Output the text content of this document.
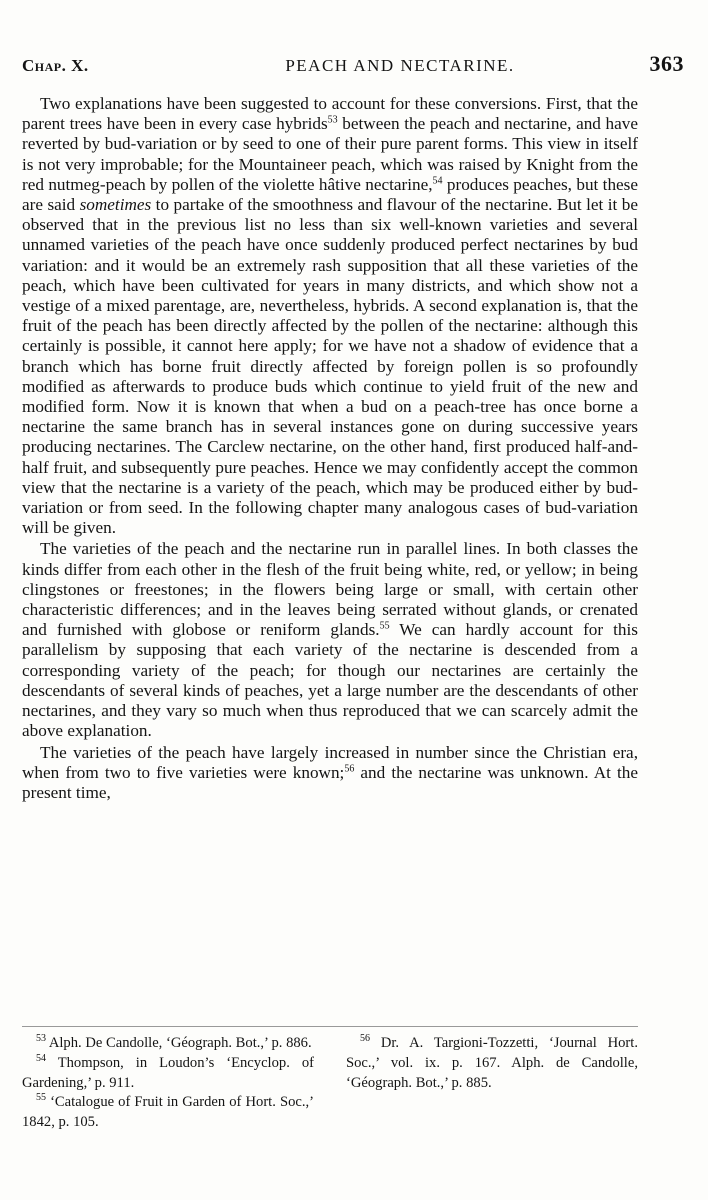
Chap. X.	PEACH AND NECTARINE.	363

Two explanations have been suggested to account for these conversions. First, that the parent trees have been in every case hybrids$^{53}$ between the peach and nectarine, and have reverted by bud-variation or by seed to one of their pure parent forms. This view in itself is not very improbable; for the Mountaineer peach, which was raised by Knight from the red nutmeg-peach by pollen of the violette hâtive nectarine,$^{54}$ produces peaches, but these are said sometimes to partake of the smoothness and flavour of the nectarine. But let it be observed that in the previous list no less than six well-known varieties and several unnamed varieties of the peach have once suddenly produced perfect nectarines by bud variation: and it would be an extremely rash supposition that all these varieties of the peach, which have been cultivated for years in many districts, and which show not a vestige of a mixed parentage, are, nevertheless, hybrids. A second explanation is, that the fruit of the peach has been directly affected by the pollen of the nectarine: although this certainly is possible, it cannot here apply; for we have not a shadow of evidence that a branch which has borne fruit directly affected by foreign pollen is so profoundly modified as afterwards to produce buds which continue to yield fruit of the new and modified form. Now it is known that when a bud on a peach-tree has once borne a nectarine the same branch has in several instances gone on during successive years producing nectarines. The Carclew nectarine, on the other hand, first produced half-and-half fruit, and subsequently pure peaches. Hence we may confidently accept the common view that the nectarine is a variety of the peach, which may be produced either by bud-variation or from seed. In the following chapter many analogous cases of bud-variation will be given.

The varieties of the peach and the nectarine run in parallel lines. In both classes the kinds differ from each other in the flesh of the fruit being white, red, or yellow; in being clingstones or freestones; in the flowers being large or small, with certain other characteristic differences; and in the leaves being serrated without glands, or crenated and furnished with globose or reniform glands.$^{55}$ We can hardly account for this parallelism by supposing that each variety of the nectarine is descended from a corresponding variety of the peach; for though our nectarines are certainly the descendants of several kinds of peaches, yet a large number are the descendants of other nectarines, and they vary so much when thus reproduced that we can scarcely admit the above explanation.

The varieties of the peach have largely increased in number since the Christian era, when from two to five varieties were known;$^{56}$ and the nectarine was unknown. At the present time,

$^{53}$ Alph. De Candolle, ‘Géograph. Bot.,’ p. 886.
$^{54}$ Thompson, in Loudon’s ‘Encyclop. of Gardening,’ p. 911.
$^{55}$ ‘Catalogue of Fruit in Garden of Hort. Soc.,’ 1842, p. 105.
$^{56}$ Dr. A. Targioni-Tozzetti, ‘Journal Hort. Soc.,’ vol. ix. p. 167. Alph. de Candolle, ‘Géograph. Bot.,’ p. 885.
